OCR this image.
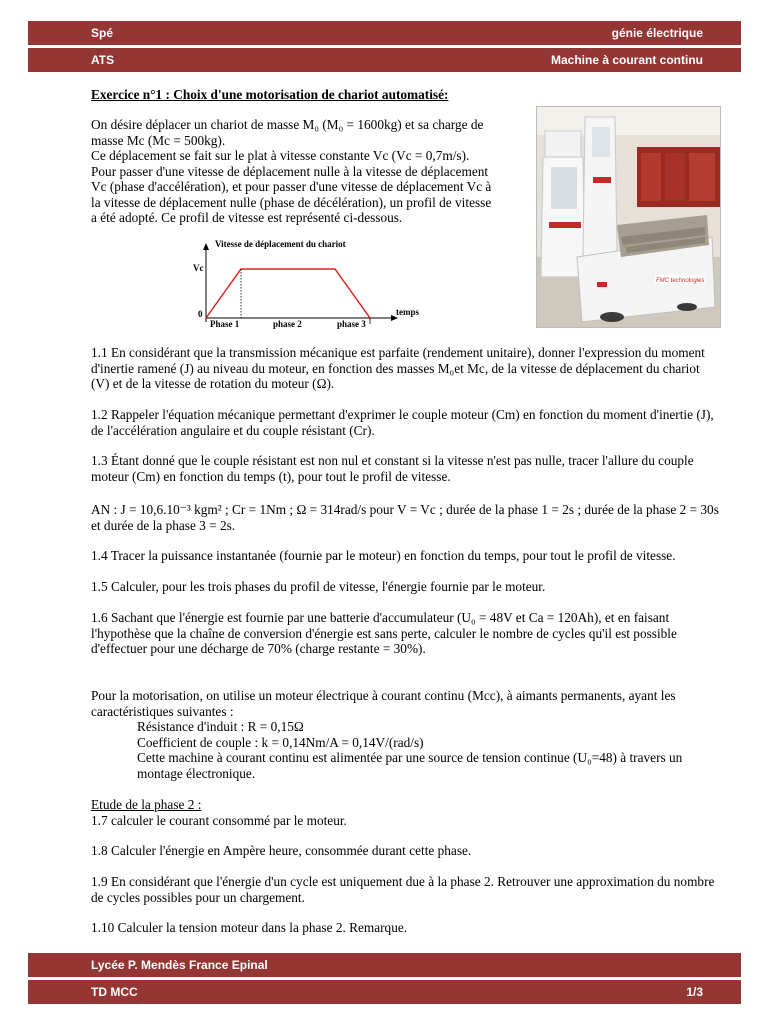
Spé	génie électrique
ATS	Machine à courant continu

Exercice n°1 : Choix d'une motorisation de chariot automatisé:

On désire déplacer un chariot de masse M₀ (M₀ = 1600kg) et sa charge de
masse Mc (Mc = 500kg).
Ce déplacement se fait sur le plat à vitesse constante Vc (Vc = 0,7m/s).
Pour passer d'une vitesse de déplacement nulle à la vitesse de déplacement
Vc (phase d'accélération), et pour passer d'une vitesse de déplacement Vc à
la vitesse de déplacement nulle (phase de décélération), un profil de vitesse
a été adopté. Ce profil de vitesse est représenté ci-dessous.
Vitesse de déplacement du chariot
Vc
temps
0
Phase 1	phase 2	phase 3
FMC technologies

1.1 En considérant que la transmission mécanique est parfaite (rendement unitaire), donner l'expression du moment d'inertie ramené (J) au niveau du moteur, en fonction des masses M₀et Mc, de la vitesse de déplacement du chariot (V) et de la vitesse de rotation du moteur (Ω).

1.2 Rappeler l'équation mécanique permettant d'exprimer le couple moteur (Cm) en fonction du moment d'inertie (J), de l'accélération angulaire et du couple résistant (Cr).

1.3 Étant donné que le couple résistant est non nul et constant si la vitesse n'est pas nulle, tracer l'allure du couple moteur (Cm) en fonction du temps (t), pour tout le profil de vitesse.

AN : J = 10,6.10⁻³ kgm² ; Cr = 1Nm ; Ω = 314rad/s pour V = Vc ; durée de la phase 1 = 2s ; durée de la phase 2 = 30s et durée de la phase 3 = 2s.

1.4 Tracer la puissance instantanée (fournie par le moteur) en fonction du temps, pour tout le profil de vitesse.

1.5 Calculer, pour les trois phases du profil de vitesse, l'énergie fournie par le moteur.

1.6 Sachant que l'énergie est fournie par une batterie d'accumulateur (U₀ = 48V et Ca = 120Ah), et en faisant l'hypothèse que la chaîne de conversion d'énergie est sans perte, calculer le nombre de cycles qu'il est possible d'effectuer pour une décharge de 70% (charge restante = 30%).

Pour la motorisation, on utilise un moteur électrique à courant continu (Mcc), à aimants permanents, ayant les caractéristiques suivantes :

Résistance d'induit : R = 0,15Ω

Coefficient de couple : k = 0,14Nm/A = 0,14V/(rad/s)

Cette machine à courant continu est alimentée par une source de tension continue (U₀=48) à travers un montage électronique.

Etude de la phase 2 :

1.7 calculer le courant consommé par le moteur.

1.8 Calculer l'énergie en Ampère heure, consommée durant cette phase.

1.9 En considérant que l'énergie d'un cycle est uniquement due à la phase 2. Retrouver une approximation du nombre de cycles possibles pour un chargement.

1.10 Calculer la tension moteur dans la phase 2. Remarque.

Lycée P. Mendès France Epinal
TD MCC	1/3
